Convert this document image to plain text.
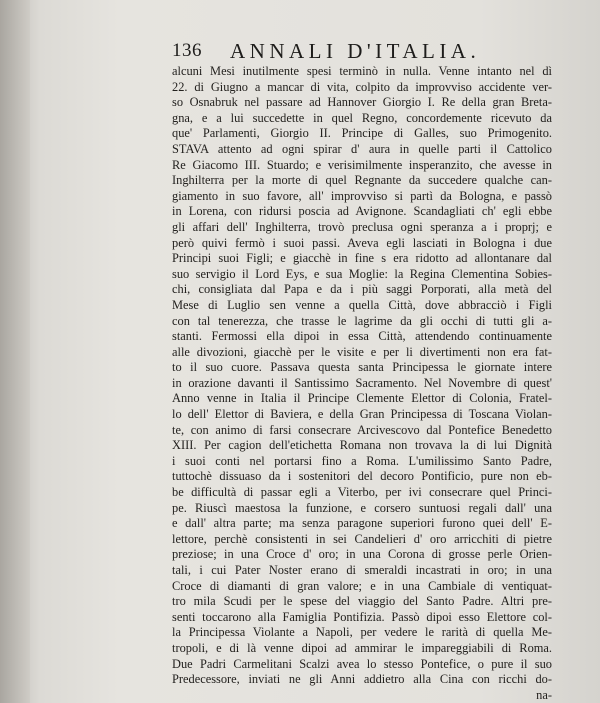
136 ANNALI D'ITALIA.
alcuni Mesi inutilmente spesi terminò in nulla. Venne intanto nel dì
22. di Giugno a mancar di vita, colpito da improvviso accidente ver-
so Osnabruk nel passare ad Hannover Giorgio I. Re della gran Breta-
gna, e a lui succedette in quel Regno, concordemente ricevuto da
que' Parlamenti, Giorgio II. Principe di Galles, suo Primogenito.
STAVA attento ad ogni spirar d' aura in quelle parti il Cattolico
Re Giacomo III. Stuardo; e verisimilmente insperanzito, che avesse in
Inghilterra per la morte di quel Regnante da succedere qualche can-
giamento in suo favore, all' improvviso si partì da Bologna, e passò
in Lorena, con ridursi poscia ad Avignone. Scandagliati ch' egli ebbe
gli affari dell' Inghilterra, trovò preclusa ogni speranza a i proprj; e
però quivi fermò i suoi passi. Aveva egli lasciati in Bologna i due
Principi suoi Figli; e giacchè in fine s era ridotto ad allontanare dal
suo servigio il Lord Eys, e sua Moglie: la Regina Clementina Sobies-
chi, consigliata dal Papa e da i più saggi Porporati, alla metà del
Mese di Luglio sen venne a quella Città, dove abbracciò i Figli
con tal tenerezza, che trasse le lagrime da gli occhi di tutti gli a-
stanti. Fermossi ella dipoi in essa Città, attendendo continuamente
alle divozioni, giacchè per le visite e per li divertimenti non era fat-
to il suo cuore. Passava questa santa Principessa le giornate intere
in orazione davanti il Santissimo Sacramento. Nel Novembre di quest'
Anno venne in Italia il Principe Clemente Elettor di Colonia, Fratel-
lo dell' Elettor di Baviera, e della Gran Principessa di Toscana Violan-
te, con animo di farsi consecrare Arcivescovo dal Pontefice Benedetto
XIII. Per cagion dell'etichetta Romana non trovava la di lui Dignità
i suoi conti nel portarsi fino a Roma. L'umilissimo Santo Padre,
tuttochè dissuaso da i sostenitori del decoro Pontificio, pure non eb-
be difficultà di passar egli a Viterbo, per ivi consecrare quel Princi-
pe. Riuscì maestosa la funzione, e corsero suntuosi regali dall' una
e dall' altra parte; ma senza paragone superiori furono quei dell' E-
lettore, perchè consistenti in sei Candelieri d' oro arricchiti di pietre
preziose; in una Croce d' oro; in una Corona di grosse perle Orien-
tali, i cui Pater Noster erano di smeraldi incastrati in oro; in una
Croce di diamanti di gran valore; e in una Cambiale di ventiquat-
tro mila Scudi per le spese del viaggio del Santo Padre. Altri pre-
senti toccarono alla Famiglia Pontifizia. Passò dipoi esso Elettore col-
la Principessa Violante a Napoli, per vedere le rarità di quella Me-
tropoli, e di là venne dipoi ad ammirar le impareggiabili di Roma.
Due Padri Carmelitani Scalzi avea lo stesso Pontefice, o pure il suo
Predecessore, inviati ne gli Anni addietro alla Cina con ricchi do-
na-
